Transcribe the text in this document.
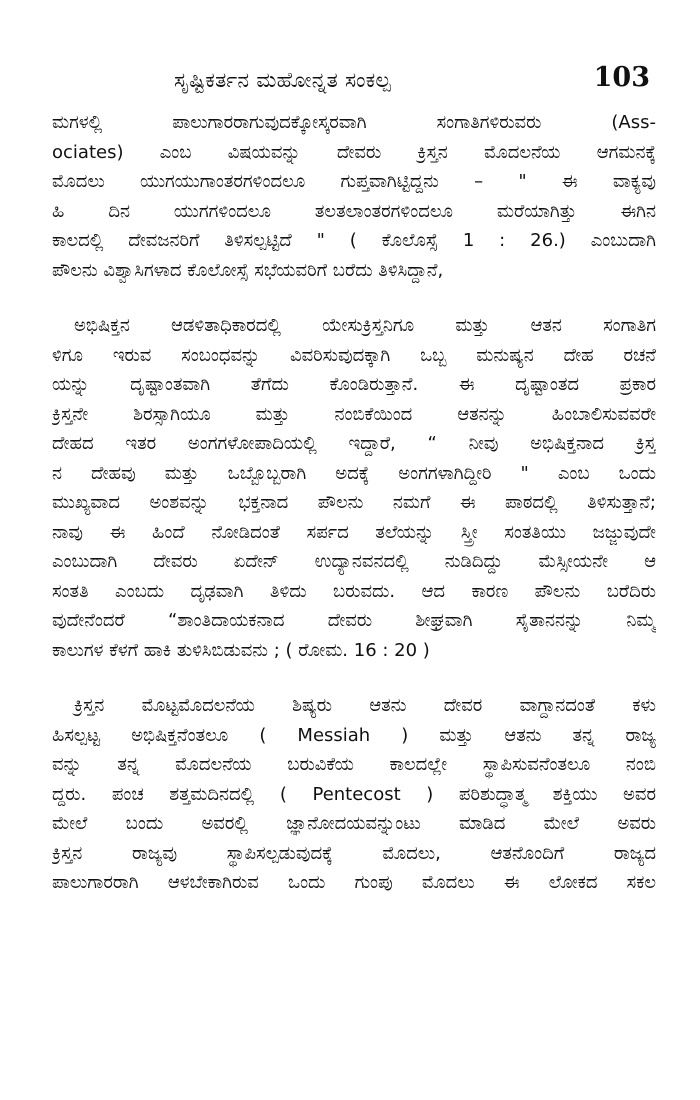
ಸೃಷ್ಟಿಕರ್ತನ ಮಹೋನ್ನತ ಸಂಕಲ್ಪ	103
ಮಗಳಲ್ಲಿ ಪಾಲುಗಾರರಾಗುವುದಕ್ಕೋಸ್ಕರವಾಗಿ ಸಂಗಾತಿಗಳಿರುವರು (Ass-
ociates) ಎಂಬ ವಿಷಯವನ್ನು ದೇವರು ಕ್ರಿಸ್ತನ ಮೊದಲನೆಯ ಆಗಮನಕ್ಕೆ
ಮೊದಲು ಯುಗಯುಗಾಂತರಗಳಿಂದಲೂ ಗುಪ್ತವಾಗಿಟ್ಟಿದ್ದನು – " ಈ ವಾಕ್ಯವು
ಹಿ ದಿನ ಯುಗಗಳಿಂದಲೂ ತಲತಲಾಂತರಗಳಿಂದಲೂ ಮರೆಯಾಗಿತ್ತು ಈಗಿನ
ಕಾಲದಲ್ಲಿ ದೇವಜನರಿಗೆ ತಿಳಿಸಲ್ಪಟ್ಟಿದೆ " ( ಕೊಲೊಸ್ಸೆ 1 : 26.) ಎಂಬುದಾಗಿ
ಪೌಲನು ವಿಶ್ವಾಸಿಗಳಾದ ಕೊಲೋಸ್ಸೆ ಸಭೆಯವರಿಗೆ ಬರೆದು ತಿಳಿಸಿದ್ದಾನೆ,
ಅಭಿಷಿಕ್ತನ ಆಡಳಿತಾಧಿಕಾರದಲ್ಲಿ ಯೇಸುಕ್ರಿಸ್ತನಿಗೂ ಮತ್ತು ಆತನ ಸಂಗಾತಿಗ
ಳಿಗೂ ಇರುವ ಸಂಬಂಧವನ್ನು ವಿವರಿಸುವುದಕ್ಕಾಗಿ ಒಬ್ಬ ಮನುಷ್ಯನ ದೇಹ ರಚನೆ
ಯನ್ನು ದೃಷ್ಟಾಂತವಾಗಿ ತೆಗೆದು ಕೊಂಡಿರುತ್ತಾನೆ. ಈ ದೃಷ್ಟಾಂತದ ಪ್ರಕಾರ
ಕ್ರಿಸ್ತನೇ ಶಿರಸ್ಸಾಗಿಯೂ ಮತ್ತು ನಂಬಿಕೆಯಿಂದ ಆತನನ್ನು ಹಿಂಬಾಲಿಸುವವರೇ
ದೇಹದ ಇತರ ಅಂಗಗಳೋಪಾದಿಯಲ್ಲಿ ಇದ್ದಾರೆ, “ ನೀವು ಅಭಿಷಿಕ್ತನಾದ ಕ್ರಿಸ್ತ
ನ ದೇಹವು ಮತ್ತು ಒಬ್ಬೊಬ್ಬರಾಗಿ ಅದಕ್ಕೆ ಅಂಗಗಳಾಗಿದ್ದೀರಿ " ಎಂಬ ಒಂದು
ಮುಖ್ಯವಾದ ಅಂಶವನ್ನು ಭಕ್ತನಾದ ಪೌಲನು ನಮಗೆ ಈ ಪಾಠದಲ್ಲಿ ತಿಳಿಸುತ್ತಾನೆ;
ನಾವು ಈ ಹಿಂದೆ ನೋಡಿದಂತೆ ಸರ್ಪದ ತಲೆಯನ್ನು ಸ್ತ್ರೀ ಸಂತತಿಯು ಜಜ್ಜುವುದೇ
ಎಂಬುದಾಗಿ ದೇವರು ಏದೇನ್ ಉದ್ಯಾನವನದಲ್ಲಿ ನುಡಿದಿದ್ದು ಮೆಸ್ಸೀಯನೇ ಆ
ಸಂತತಿ ಎಂಬದು ದೃಢವಾಗಿ ತಿಳಿದು ಬರುವದು. ಆದ ಕಾರಣ ಪೌಲನು ಬರೆದಿರು
ವುದೇನೆಂದರೆ “ಶಾಂತಿದಾಯಕನಾದ ದೇವರು ಶೀಘ್ರವಾಗಿ ಸೈತಾನನನ್ನು ನಿಮ್ಮ
ಕಾಲುಗಳ ಕೆಳಗೆ ಹಾಕಿ ತುಳಿಸಿಬಿಡುವನು ; ( ರೋಮ. 16 : 20 )
ಕ್ರಿಸ್ತನ ಮೊಟ್ಟಮೊದಲನೆಯ ಶಿಷ್ಯರು ಆತನು ದೇವರ ವಾಗ್ದಾನದಂತೆ ಕಳು
ಹಿಸಲ್ಪಟ್ಟ ಅಭಿಷಿಕ್ತನೆಂತಲೂ ( Messiah ) ಮತ್ತು ಆತನು ತನ್ನ ರಾಜ್ಯ
ವನ್ನು ತನ್ನ ಮೊದಲನೆಯ ಬರುವಿಕೆಯ ಕಾಲದಲ್ಲೇ ಸ್ಥಾಪಿಸುವನೆಂತಲೂ ನಂಬಿ
ದ್ದರು. ಪಂಚ ಶತ್ತಮದಿನದಲ್ಲಿ ( Pentecost ) ಪರಿಶುದ್ಧಾತ್ಮ ಶಕ್ತಿಯು ಅವರ
ಮೇಲೆ ಬಂದು ಅವರಲ್ಲಿ ಜ್ಞಾನೋದಯವನ್ನುಂಟು ಮಾಡಿದ ಮೇಲೆ ಅವರು
ಕ್ರಿಸ್ತನ ರಾಜ್ಯವು ಸ್ಥಾಪಿಸಲ್ಪಡುವುದಕ್ಕೆ ಮೊದಲು, ಆತನೊಂದಿಗೆ ರಾಜ್ಯದ
ಪಾಲುಗಾರರಾಗಿ ಆಳಬೇಕಾಗಿರುವ ಒಂದು ಗುಂಪು ಮೊದಲು ಈ ಲೋಕದ ಸಕಲ
